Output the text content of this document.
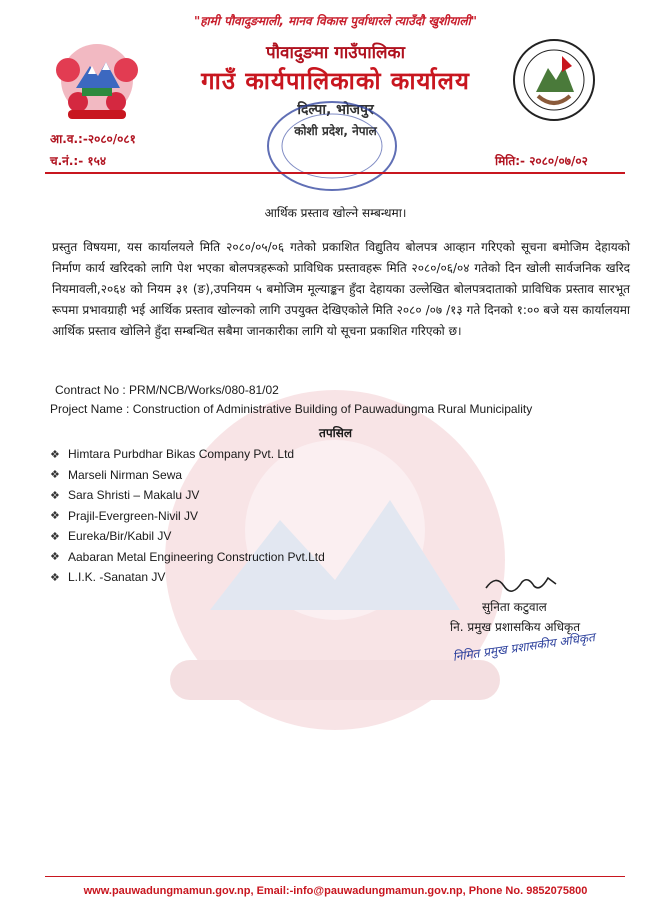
"हामी पौवादुङमाली, मानव विकास पुर्वाधारले त्याउँदौ खुशीयाली"
पौवादुङमा गाउँपालिका
गाउँ कार्यपालिकाको कार्यालय
दिल्पा, भोजपुर
कोशी प्रदेश, नेपाल
आ.व.:-२०८०/०८१
च.नं.:- १५४	मिति:- २०८०/०७/०२
आर्थिक प्रस्ताव खोल्ने सम्बन्धमा।
प्रस्तुत विषयमा, यस कार्यालयले मिति २०८०/०५/०६ गतेको प्रकाशित विद्युतिय बोलपत्र आव्हान गरिएको सूचना बमोजिम देहायको निर्माण कार्य खरिदको लागि पेश भएका बोलपत्रहरूको प्राविधिक प्रस्तावहरू मिति २०८०/०६/०४ गतेको दिन खोली सार्वजनिक खरिद नियमावली,२०६४ को नियम ३१ (ङ),उपनियम ५ बमोजिम मूल्याङ्कन हुँदा देहायका उल्लेखित बोलपत्रदाताको प्राविधिक प्रस्ताव सारभूत रूपमा प्रभावग्राही भई आर्थिक प्रस्ताव खोल्नको लागि उपयुक्त देखिएकोले मिति २०८० /०७ /१३ गते दिनको १:०० बजे यस कार्यालयमा आर्थिक प्रस्ताव खोलिने हुँदा सम्बन्धित सबैमा जानकारीका लागि यो सूचना प्रकाशित गरिएको छ।
Contract No : PRM/NCB/Works/080-81/02
Project Name : Construction of Administrative Building of Pauwadungma Rural Municipality
तपसिल
❖ Himtara Purbdhar Bikas Company Pvt. Ltd
❖ Marseli Nirman Sewa
❖ Sara Shristi – Makalu JV
❖ Prajil-Evergreen-Nivil JV
❖ Eureka/Bir/Kabil JV
❖ Aabaran Metal Engineering Construction Pvt.Ltd
❖ L.I.K. -Sanatan JV
सुनिता कटुवाल
नि. प्रमुख प्रशासकिय अधिकृत
निमित प्रमुख प्रशासकीय अधिकृत
www.pauwadungmamun.gov.np, Email:-info@pauwadungmamun.gov.np, Phone No. 9852075800
